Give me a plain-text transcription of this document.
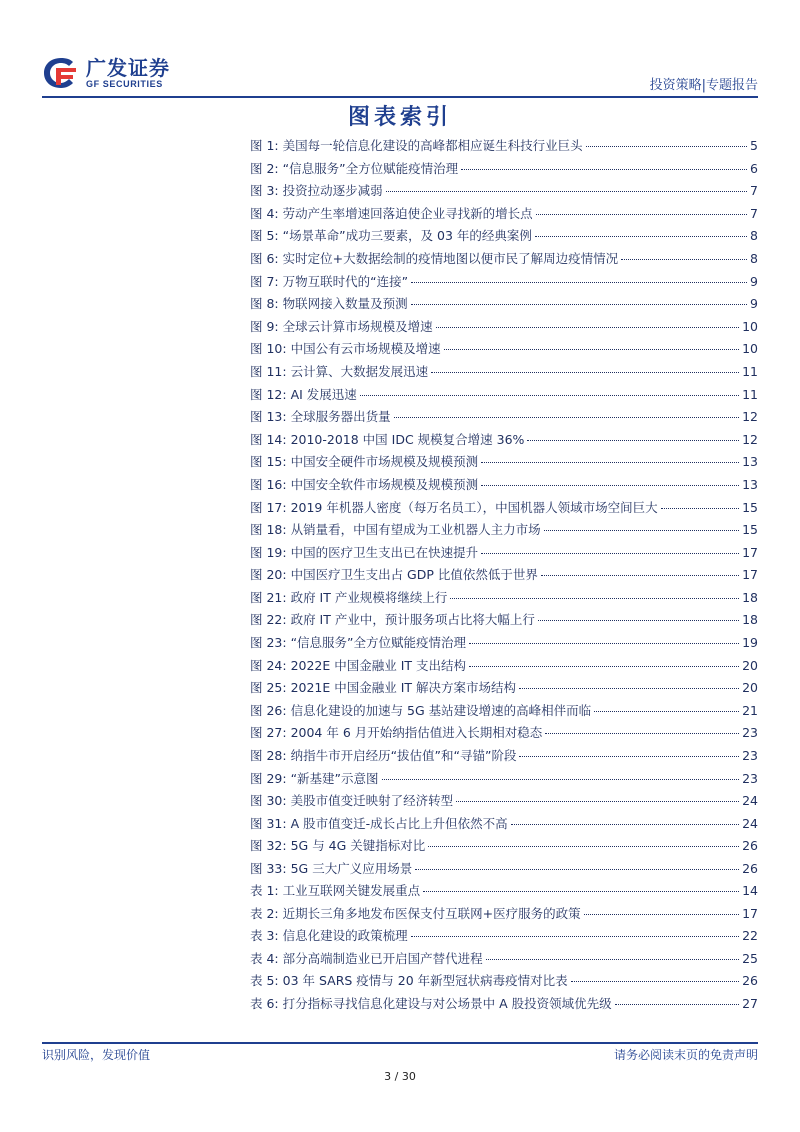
广发证券
GF SECURITIES	投资策略|专题报告
图表索引
图 1: 美国每一轮信息化建设的高峰都相应诞生科技行业巨头	5
图 2: “信息服务”全方位赋能疫情治理	6
图 3: 投资拉动逐步减弱	7
图 4: 劳动产生率增速回落迫使企业寻找新的增长点	7
图 5: “场景革命”成功三要素，及 03 年的经典案例	8
图 6: 实时定位+大数据绘制的疫情地图以便市民了解周边疫情情况	8
图 7: 万物互联时代的“连接”	9
图 8: 物联网接入数量及预测	9
图 9: 全球云计算市场规模及增速	10
图 10: 中国公有云市场规模及增速	10
图 11: 云计算、大数据发展迅速	11
图 12: AI 发展迅速	11
图 13: 全球服务器出货量	12
图 14: 2010-2018 中国 IDC 规模复合增速 36%	12
图 15: 中国安全硬件市场规模及规模预测	13
图 16: 中国安全软件市场规模及规模预测	13
图 17: 2019 年机器人密度（每万名员工），中国机器人领域市场空间巨大	15
图 18: 从销量看，中国有望成为工业机器人主力市场	15
图 19: 中国的医疗卫生支出已在快速提升	17
图 20: 中国医疗卫生支出占 GDP 比值依然低于世界	17
图 21: 政府 IT 产业规模将继续上行	18
图 22: 政府 IT 产业中，预计服务项占比将大幅上行	18
图 23: “信息服务”全方位赋能疫情治理	19
图 24: 2022E 中国金融业 IT 支出结构	20
图 25: 2021E 中国金融业 IT 解决方案市场结构	20
图 26: 信息化建设的加速与 5G 基站建设增速的高峰相伴而临	21
图 27: 2004 年 6 月开始纳指估值进入长期相对稳态	23
图 28: 纳指牛市开启经历“拔估值”和“寻锚”阶段	23
图 29: “新基建”示意图	23
图 30: 美股市值变迁映射了经济转型	24
图 31: A 股市值变迁-成长占比上升但依然不高	24
图 32: 5G 与 4G 关键指标对比	26
图 33: 5G 三大广义应用场景	26
表 1: 工业互联网关键发展重点	14
表 2: 近期长三角多地发布医保支付互联网+医疗服务的政策	17
表 3: 信息化建设的政策梳理	22
表 4: 部分高端制造业已开启国产替代进程	25
表 5: 03 年 SARS 疫情与 20 年新型冠状病毒疫情对比表	26
表 6: 打分指标寻找信息化建设与对公场景中 A 股投资领域优先级	27
识别风险，发现价值	请务必阅读末页的免责声明
3 / 30
